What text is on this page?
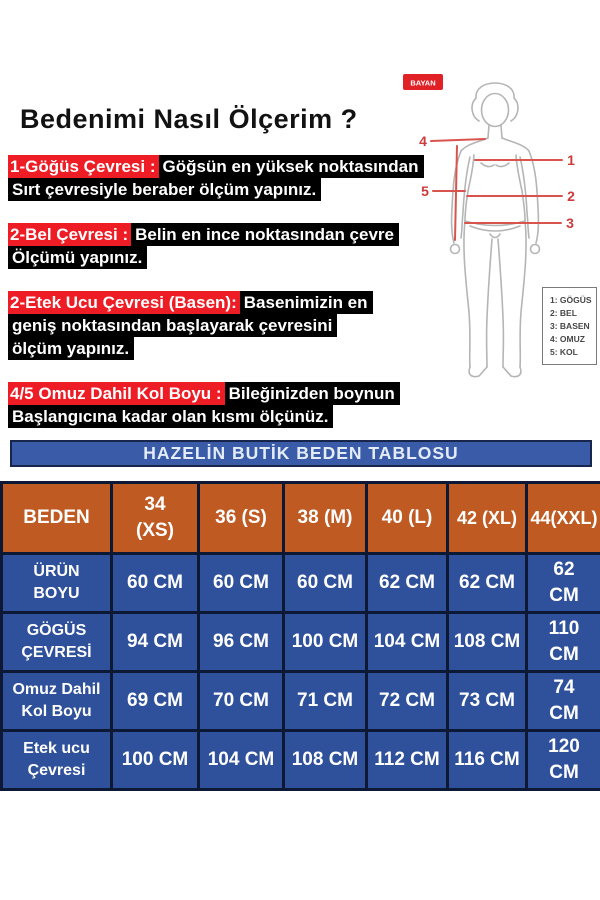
Bedenimi Nasıl Ölçerim ?

1-Göğüs Çevresi : Göğsün en yüksek noktasından
Sırt çevresiyle beraber ölçüm yapınız.

2-Bel Çevresi : Belin en ince noktasından çevre
Ölçümü yapınız.

2-Etek Ucu Çevresi (Basen): Basenimizin en
geniş noktasından başlayarak çevresini
ölçüm yapınız.

4/5 Omuz Dahil Kol Boyu : Bileğinizden boynun
Başlangıcına kadar olan kısmı ölçünüz.

BAYAN
4
1
5	2
3
1: GÖGÜS
2: BEL
3: BASEN
4: OMUZ
5: KOL
HAZELİN BUTİK BEDEN TABLOSU
BEDEN	34 (XS)	36 (S)	38 (M)	40 (L)	42 (XL)	44(XXL)
ÜRÜN BOYU	60 CM	60 CM	60 CM	62 CM	62 CM	62 CM
GÖGÜS ÇEVRESİ	94 CM	96 CM	100 CM	104 CM	108 CM	110 CM
Omuz Dahil Kol Boyu	69 CM	70 CM	71 CM	72 CM	73 CM	74 CM
Etek ucu Çevresi	100 CM	104 CM	108 CM	112 CM	116 CM	120 CM
